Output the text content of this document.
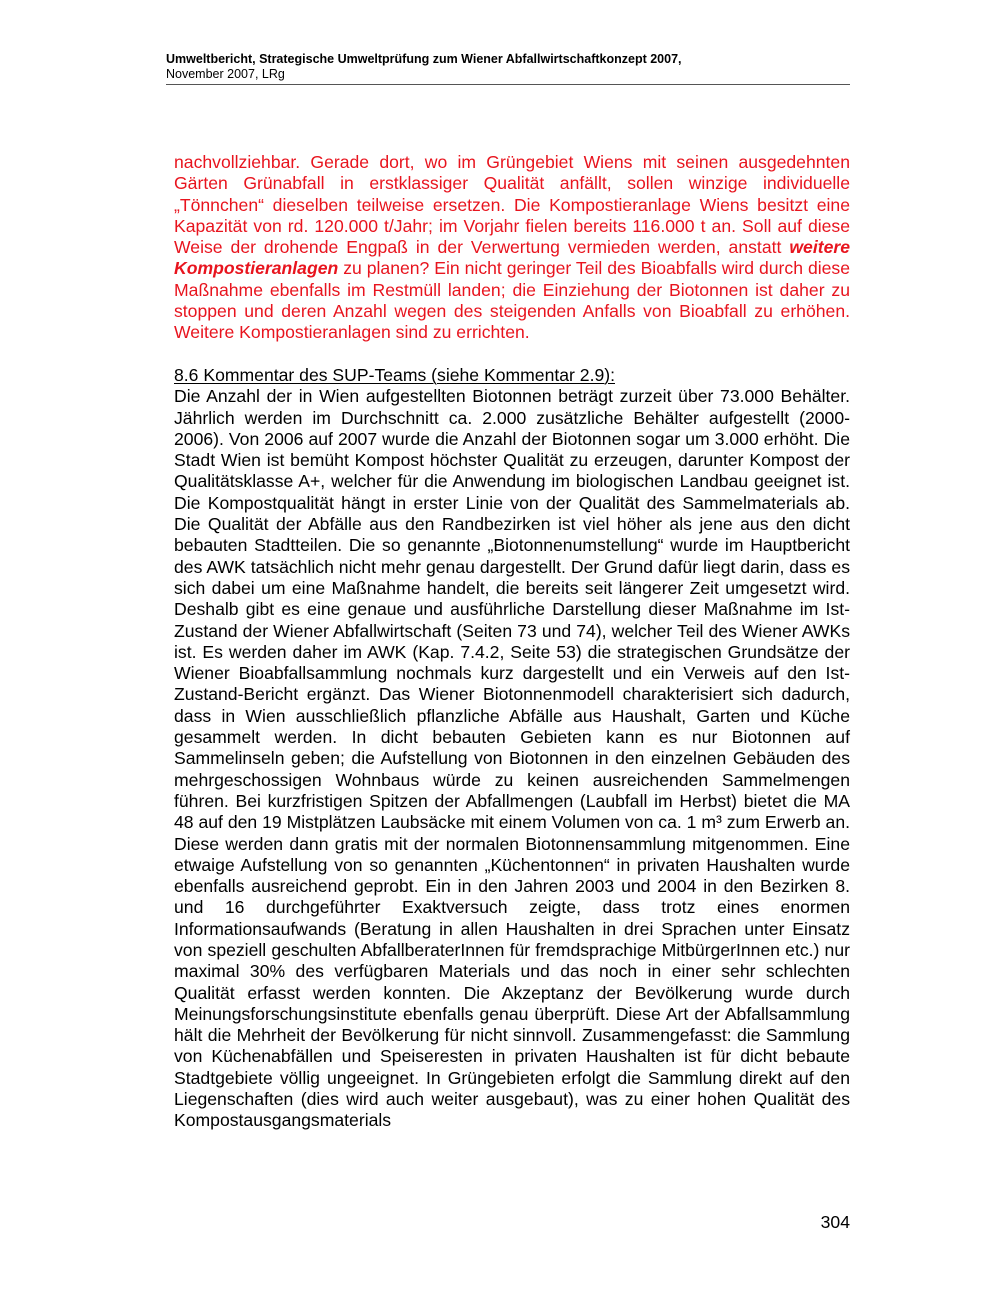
Umweltbericht, Strategische Umweltprüfung zum Wiener Abfallwirtschaftkonzept 2007,
November 2007, LRg

nachvollziehbar. Gerade dort, wo im Grüngebiet Wiens mit seinen ausgedehnten Gärten Grünabfall in erstklassiger Qualität anfällt, sollen winzige individuelle „Tönnchen“ dieselben teilweise ersetzen. Die Kompostieranlage Wiens besitzt eine Kapazität von rd. 120.000 t/Jahr; im Vorjahr fielen bereits 116.000 t an. Soll auf diese Weise der drohende Engpaß in der Verwertung vermieden werden, anstatt weitere Kompostieranlagen zu planen? Ein nicht geringer Teil des Bioabfalls wird durch diese Maßnahme ebenfalls im Restmüll landen; die Einziehung der Biotonnen ist daher zu stoppen und deren Anzahl wegen des steigenden Anfalls von Bioabfall zu erhöhen. Weitere Kompostieranlagen sind zu errichten.

8.6 Kommentar des SUP-Teams (siehe Kommentar 2.9):

Die Anzahl der in Wien aufgestellten Biotonnen beträgt zurzeit über 73.000 Behälter. Jährlich werden im Durchschnitt ca. 2.000 zusätzliche Behälter aufgestellt (2000-2006). Von 2006 auf 2007 wurde die Anzahl der Biotonnen sogar um 3.000 erhöht. Die Stadt Wien ist bemüht Kompost höchster Qualität zu erzeugen, darunter Kompost der Qualitätsklasse A+, welcher für die Anwendung im biologischen Landbau geeignet ist. Die Kompostqualität hängt in erster Linie von der Qualität des Sammelmaterials ab. Die Qualität der Abfälle aus den Randbezirken ist viel höher als jene aus den dicht bebauten Stadtteilen. Die so genannte „Biotonnenumstellung“ wurde im Hauptbericht des AWK tatsächlich nicht mehr genau dargestellt. Der Grund dafür liegt darin, dass es sich dabei um eine Maßnahme handelt, die bereits seit längerer Zeit umgesetzt wird. Deshalb gibt es eine genaue und ausführliche Darstellung dieser Maßnahme im Ist-Zustand der Wiener Abfallwirtschaft (Seiten 73 und 74), welcher Teil des Wiener AWKs ist. Es werden daher im AWK (Kap. 7.4.2, Seite 53) die strategischen Grundsätze der Wiener Bioabfallsammlung nochmals kurz dargestellt und ein Verweis auf den Ist-Zustand-Bericht ergänzt. Das Wiener Biotonnenmodell charakterisiert sich dadurch, dass in Wien ausschließlich pflanzliche Abfälle aus Haushalt, Garten und Küche gesammelt werden. In dicht bebauten Gebieten kann es nur Biotonnen auf Sammelinseln geben; die Aufstellung von Biotonnen in den einzelnen Gebäuden des mehrgeschossigen Wohnbaus würde zu keinen ausreichenden Sammelmengen führen. Bei kurzfristigen Spitzen der Abfallmengen (Laubfall im Herbst) bietet die MA 48 auf den 19 Mistplätzen Laubsäcke mit einem Volumen von ca. 1 m³ zum Erwerb an. Diese werden dann gratis mit der normalen Biotonnensammlung mitgenommen. Eine etwaige Aufstellung von so genannten „Küchentonnen“ in privaten Haushalten wurde ebenfalls ausreichend geprobt. Ein in den Jahren 2003 und 2004 in den Bezirken 8. und 16 durchgeführter Exaktversuch zeigte, dass trotz eines enormen Informationsaufwands (Beratung in allen Haushalten in drei Sprachen unter Einsatz von speziell geschulten AbfallberaterInnen für fremdsprachige MitbürgerInnen etc.) nur maximal 30% des verfügbaren Materials und das noch in einer sehr schlechten Qualität erfasst werden konnten. Die Akzeptanz der Bevölkerung wurde durch Meinungsforschungsinstitute ebenfalls genau überprüft. Diese Art der Abfallsammlung hält die Mehrheit der Bevölkerung für nicht sinnvoll. Zusammengefasst: die Sammlung von Küchenabfällen und Speiseresten in privaten Haushalten ist für dicht bebaute Stadtgebiete völlig ungeeignet. In Grüngebieten erfolgt die Sammlung direkt auf den Liegenschaften (dies wird auch weiter ausgebaut), was zu einer hohen Qualität des Kompostausgangsmaterials

304
